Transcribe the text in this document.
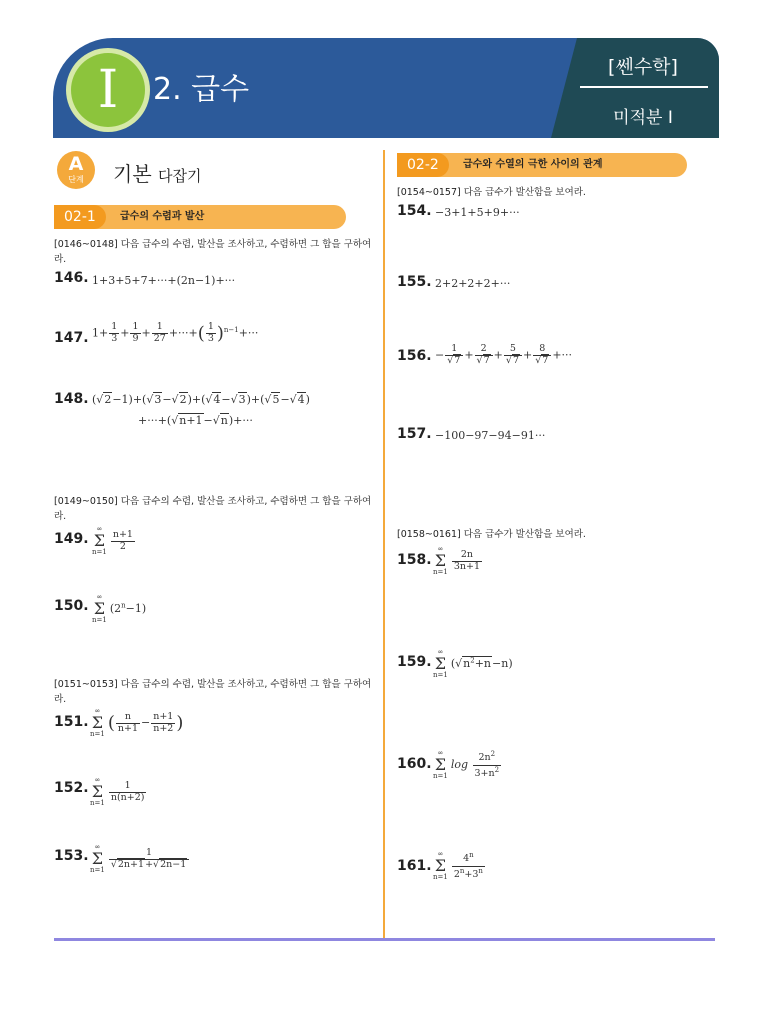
I	2. 급수
[쎈수학]
미적분 I
A
단계	기본 다잡기
02-1	급수의 수렴과 발산
02-2	급수와 수열의 극한 사이의 관계
[0146~0148] 다음 급수의 수렴, 발산을 조사하고, 수렴하면 그 합을 구하여라.
[0149~0150] 다음 급수의 수렴, 발산을 조사하고, 수렴하면 그 합을 구하여라.
[0151~0153] 다음 급수의 수렴, 발산을 조사하고, 수렴하면 그 합을 구하여라.
[0154~0157] 다음 급수가 발산함을 보여라.
[0158~0161] 다음 급수가 발산함을 보여라.
146. 1+3+5+7+···+(2n−1)+···
147. $1+ \frac{1}{3} + \frac{1}{9} + \frac{1}{27}$ +···+( $\frac{1}{3} )^{n-1}+\cdot\cdot\cdot$
148. (√2−1)+(√3−√2)+(√4−√3)+(√5−√4)
+···+(√n+1−√n)+···
149.
∞
Σ
$n=1 \frac{n+1}{2}$
150.
∞
Σ
n=1
$(2^n-1)$
151.
∞
Σ
n=1
( $\frac{n}{n+1} - \frac{n+1}{n+2}$ )
152. ∞
Σ
$n=1 \frac{1}{n(n+2)}$
153.
∞
Σ
$n=1 \frac{1}{√2n+1+√2n-1}$
154. −3+1+5+9+···
155. 2+2+2+2+···
156. − $\frac{1}{√7} + \frac{2}{√7} + \frac{5}{√7} + \frac{8}{√7}$ +···
157. −100−97−94−91···
158.
∞
Σ
$n=1 \frac{2n}{3n+1}$
159.
∞
Σ
n=1
$(√n^2+n-n)$
160.
∞
Σ
n=1
$\log \frac{2n^2}{3+n^2}$
161.
∞
Σ
$n=1 \frac{4^n}{2^n+3^n}$
